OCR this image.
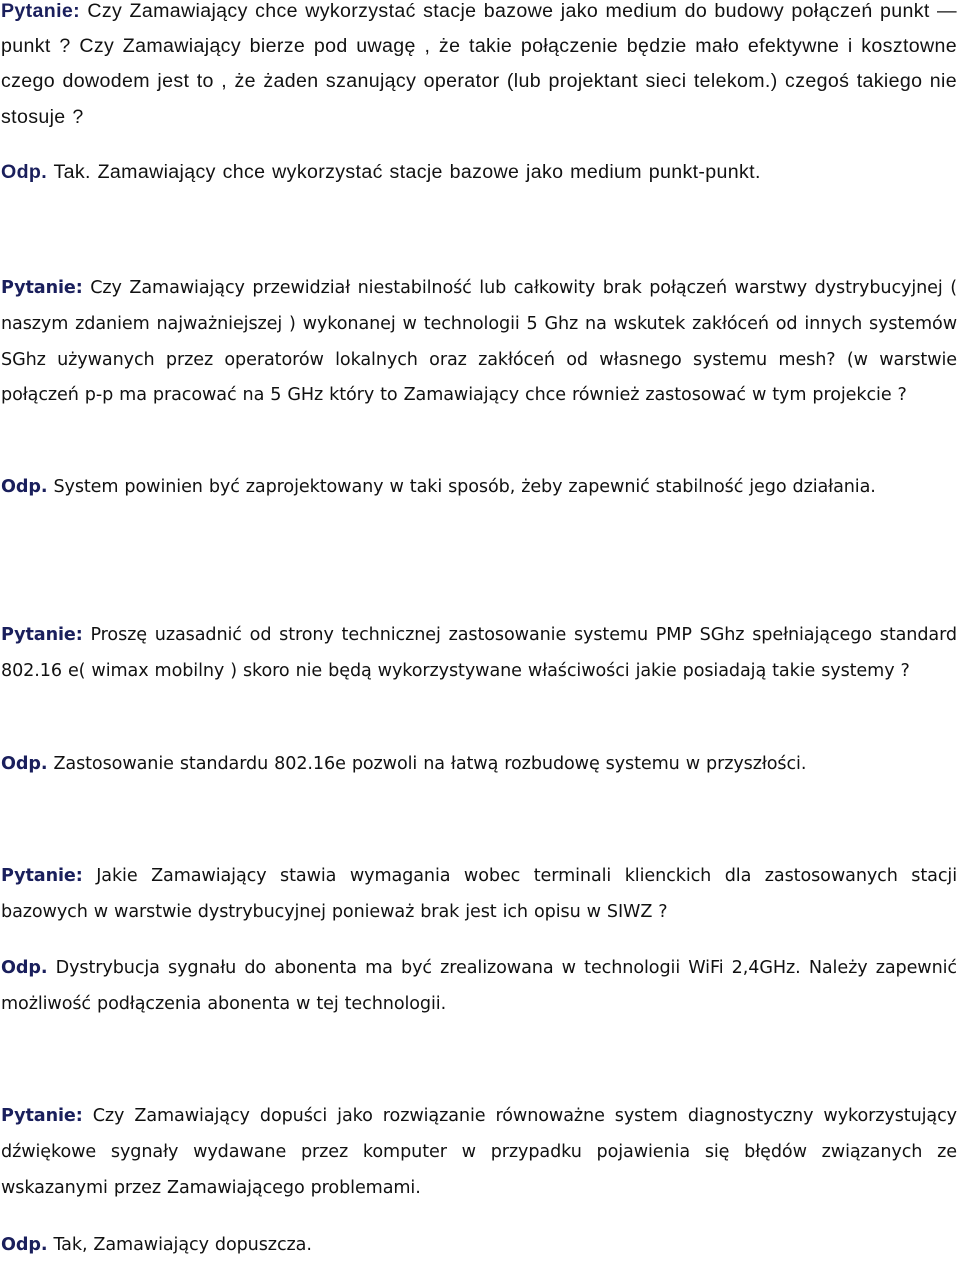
Pytanie: Czy Zamawiający chce wykorzystać stacje bazowe jako medium do budowy połączeń punkt —punkt ? Czy Zamawiający bierze pod uwagę , że takie połączenie będzie mało efektywne i kosztowne czego dowodem jest to , że żaden szanujący operator (lub projektant sieci telekom.) czegoś takiego nie stosuje ?

Odp. Tak. Zamawiający chce wykorzystać stacje bazowe jako medium punkt-punkt.

Pytanie: Czy Zamawiający przewidział niestabilność lub całkowity brak połączeń warstwy dystrybucyjnej ( naszym zdaniem najważniejszej ) wykonanej w technologii 5 Ghz na wskutek zakłóceń od innych systemów SGhz używanych przez operatorów lokalnych oraz zakłóceń od własnego systemu mesh? (w warstwie połączeń p-p ma pracować na 5 GHz który to Zamawiający chce również zastosować w tym projekcie ?

Odp. System powinien być zaprojektowany w taki sposób, żeby zapewnić stabilność jego działania.

Pytanie: Proszę uzasadnić od strony technicznej zastosowanie systemu PMP SGhz spełniającego standard 802.16 e( wimax mobilny ) skoro nie będą wykorzystywane właściwości jakie posiadają takie systemy ?

Odp. Zastosowanie standardu 802.16e pozwoli na łatwą rozbudowę systemu w przyszłości.

Pytanie: Jakie Zamawiający stawia wymagania wobec terminali klienckich dla zastosowanych stacji bazowych w warstwie dystrybucyjnej ponieważ brak jest ich opisu w SIWZ ?

Odp. Dystrybucja sygnału do abonenta ma być zrealizowana w technologii WiFi 2,4GHz. Należy zapewnić możliwość podłączenia abonenta w tej technologii.

Pytanie: Czy Zamawiający dopuści jako rozwiązanie równoważne system diagnostyczny wykorzystujący dźwiękowe sygnały wydawane przez komputer w przypadku pojawienia się błędów związanych ze wskazanymi przez Zamawiającego problemami.

Odp. Tak, Zamawiający dopuszcza.
